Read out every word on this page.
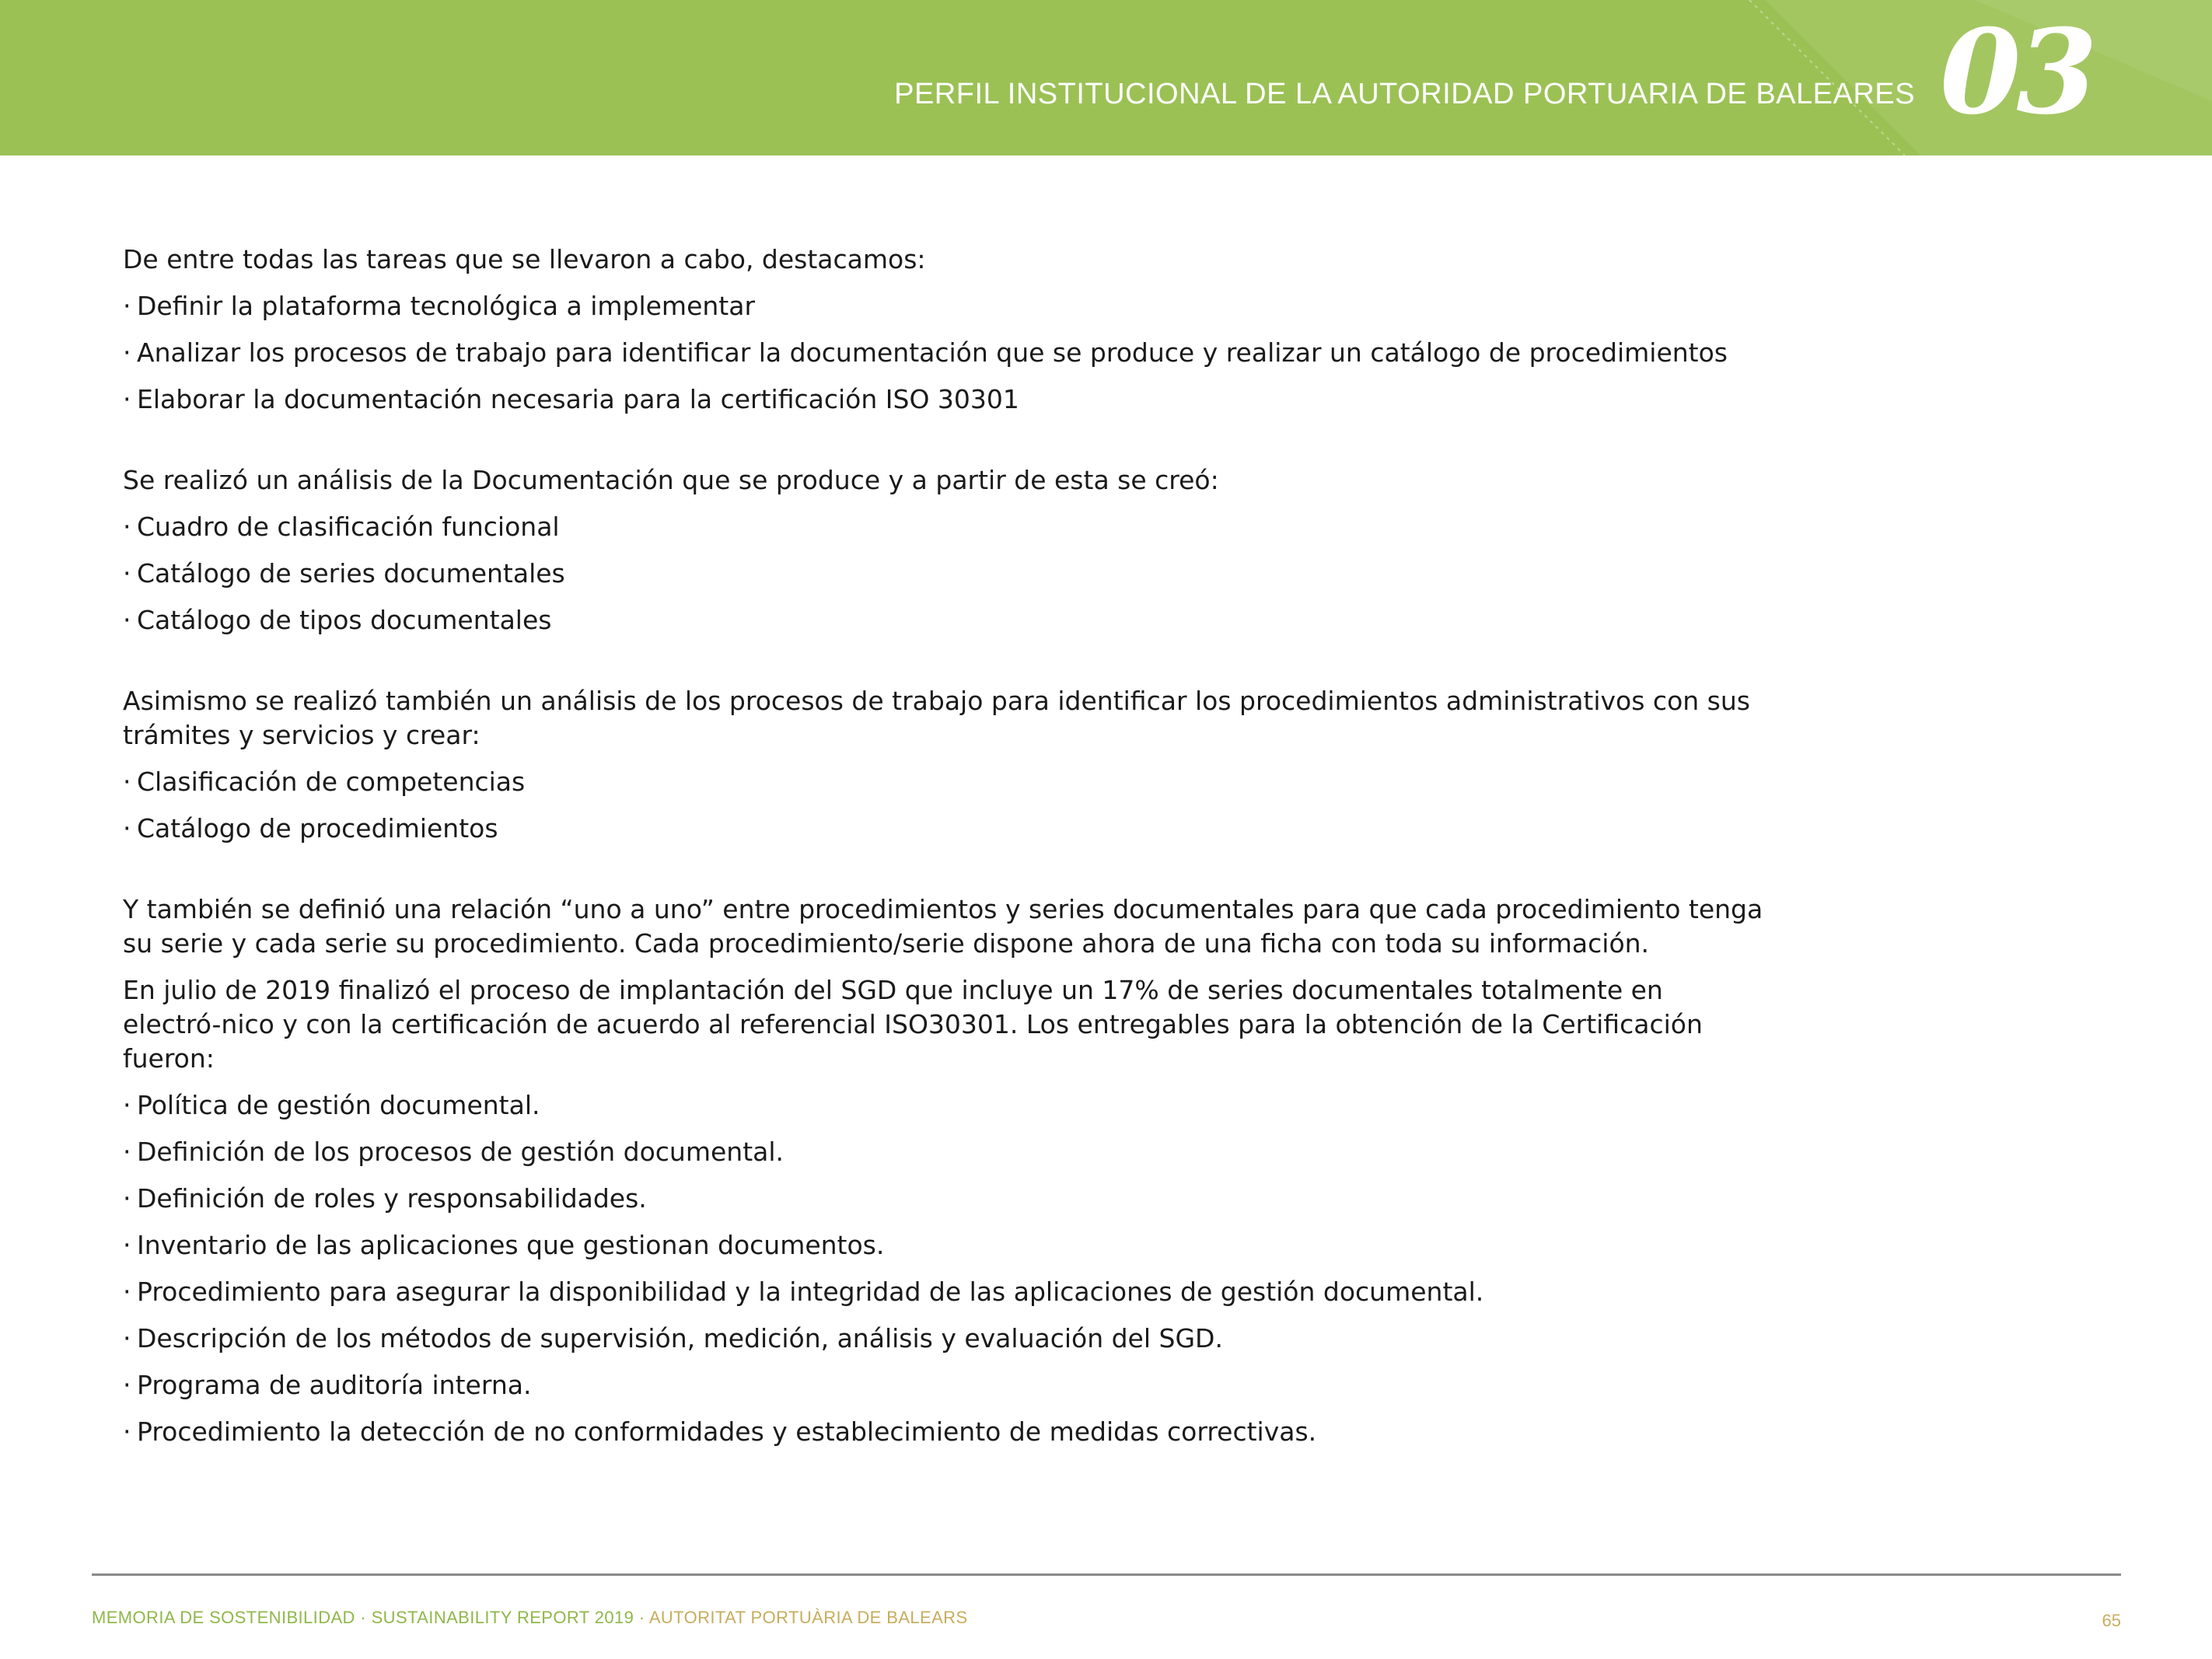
PERFIL INSTITUCIONAL DE LA AUTORIDAD PORTUARIA DE BALEARES 03

De entre todas las tareas que se llevaron a cabo, destacamos:

· Definir la plataforma tecnológica a implementar
· Analizar los procesos de trabajo para identificar la documentación que se produce y realizar un catálogo de procedimientos
· Elaborar la documentación necesaria para la certificación ISO 30301

Se realizó un análisis de la Documentación que se produce y a partir de esta se creó:

· Cuadro de clasificación funcional
· Catálogo de series documentales
· Catálogo de tipos documentales

Asimismo se realizó también un análisis de los procesos de trabajo para identificar los procedimientos administrativos con sus trámites y servicios y crear:

· Clasificación de competencias
· Catálogo de procedimientos

Y también se definió una relación “uno a uno” entre procedimientos y series documentales para que cada procedimiento tenga su serie y cada serie su procedimiento. Cada procedimiento/serie dispone ahora de una ficha con toda su información.

En julio de 2019 finalizó el proceso de implantación del SGD que incluye un 17% de series documentales totalmente en electró-nico y con la certificación de acuerdo al referencial ISO30301. Los entregables para la obtención de la Certificación fueron:

· Política de gestión documental.
· Definición de los procesos de gestión documental.
· Definición de roles y responsabilidades.
· Inventario de las aplicaciones que gestionan documentos.
· Procedimiento para asegurar la disponibilidad y la integridad de las aplicaciones de gestión documental.
· Descripción de los métodos de supervisión, medición, análisis y evaluación del SGD.
· Programa de auditoría interna.
· Procedimiento la detección de no conformidades y establecimiento de medidas correctivas.
MEMORIA DE SOSTENIBILIDAD · SUSTAINABILITY REPORT 2019 · AUTORITAT PORTUÀRIA DE BALEARS	65
